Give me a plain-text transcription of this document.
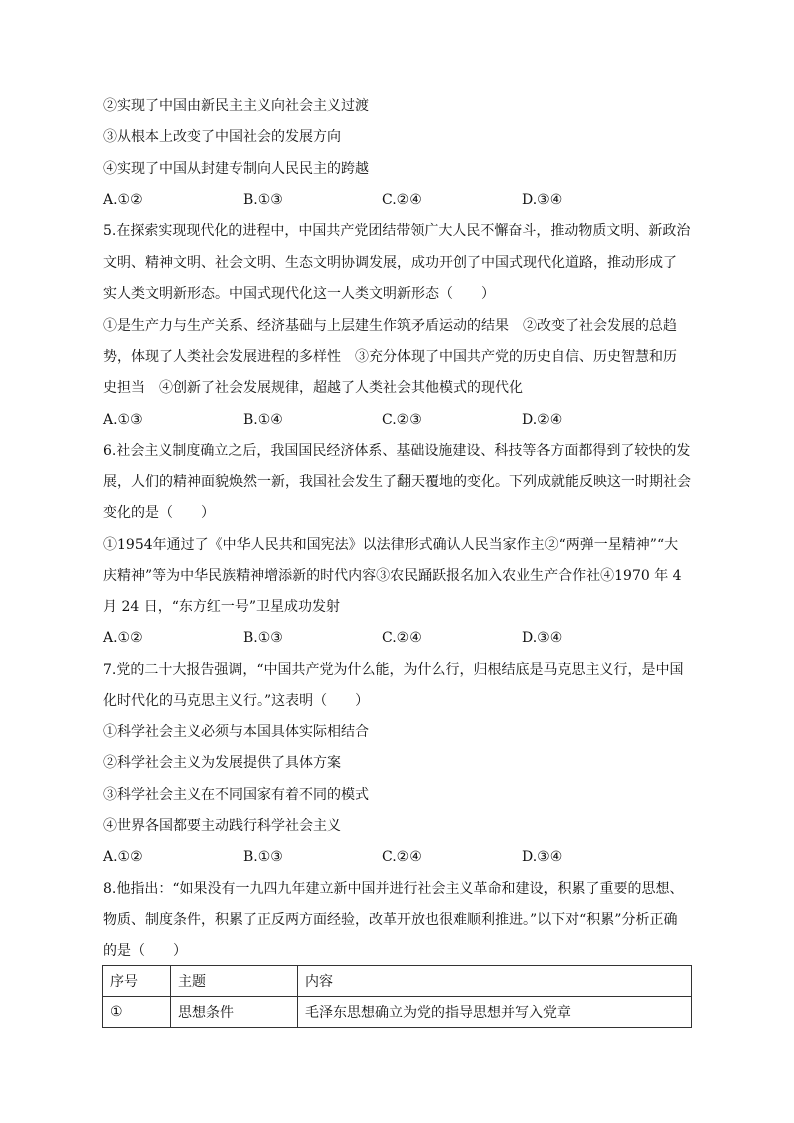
②实现了中国由新民主主义向社会主义过渡
③从根本上改变了中国社会的发展方向
④实现了中国从封建专制向人民民主的跨越
A.①②	B.①③	C.②④	D.③④
5.在探索实现现代化的进程中，中国共产党团结带领广大人民不懈奋斗，推动物质文明、新政治
文明、精神文明、社会文明、生态文明协调发展，成功开创了中国式现代化道路，推动形成了
实人类文明新形态。中国式现代化这一人类文明新形态（　　）
①是生产力与生产关系、经济基础与上层建生作筑矛盾运动的结果　②改变了社会发展的总趋
势，体现了人类社会发展进程的多样性　③充分体现了中国共产党的历史自信、历史智慧和历
史担当　④创新了社会发展规律，超越了人类社会其他模式的现代化
A.①③	B.①④	C.②③	D.②④
6.社会主义制度确立之后，我国国民经济体系、基础设施建设、科技等各方面都得到了较快的发
展，人们的精神面貌焕然一新，我国社会发生了翻天覆地的变化。下列成就能反映这一时期社会
变化的是（　　）
①1954年通过了《中华人民共和国宪法》以法律形式确认人民当家作主②“两弹一星精神”“大
庆精神”等为中华民族精神增添新的时代内容③农民踊跃报名加入农业生产合作社④1970 年 4
月 24 日，“东方红一号”卫星成功发射
A.①②	B.①③	C.②④	D.③④
7.党的二十大报告强调，“中国共产党为什么能，为什么行，归根结底是马克思主义行，是中国
化时代化的马克思主义行。”这表明（　　）
①科学社会主义必须与本国具体实际相结合
②科学社会主义为发展提供了具体方案
③科学社会主义在不同国家有着不同的模式
④世界各国都要主动践行科学社会主义
A.①②	B.①③	C.②④	D.③④
8.他指出：“如果没有一九四九年建立新中国并进行社会主义革命和建设，积累了重要的思想、
物质、制度条件，积累了正反两方面经验，改革开放也很难顺利推进。”以下对“积累”分析正确
的是（　　）
序号	主题	内容
①	思想条件	毛泽东思想确立为党的指导思想并写入党章
